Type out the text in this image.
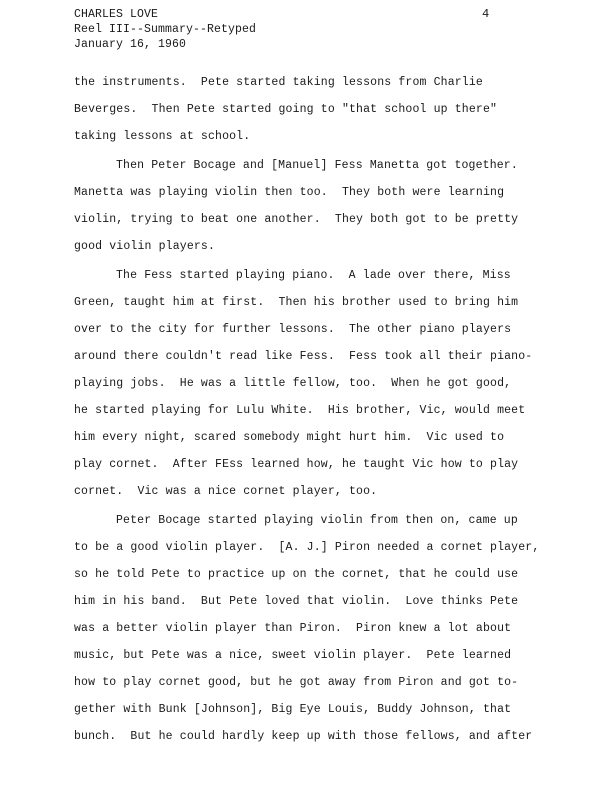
CHARLES LOVE
Reel III--Summary--Retyped
January 16, 1960
4
the instruments.  Pete started taking lessons from Charlie
Beverges.  Then Pete started going to "that school up there"
taking lessons at school.
Then Peter Bocage and [Manuel] Fess Manetta got together.
Manetta was playing violin then too.  They both were learning
violin, trying to beat one another.  They both got to be pretty
good violin players.
The Fess started playing piano.  A lade over there, Miss
Green, taught him at first.  Then his brother used to bring him
over to the city for further lessons.  The other piano players
around there couldn't read like Fess.  Fess took all their piano-
playing jobs.  He was a little fellow, too.  When he got good,
he started playing for Lulu White.  His brother, Vic, would meet
him every night, scared somebody might hurt him.  Vic used to
play cornet.  After FEss learned how, he taught Vic how to play
cornet.  Vic was a nice cornet player, too.
Peter Bocage started playing violin from then on, came up
to be a good violin player.  [A. J.] Piron needed a cornet player,
so he told Pete to practice up on the cornet, that he could use
him in his band.  But Pete loved that violin.  Love thinks Pete
was a better violin player than Piron.  Piron knew a lot about
music, but Pete was a nice, sweet violin player.  Pete learned
how to play cornet good, but he got away from Piron and got to-
gether with Bunk [Johnson], Big Eye Louis, Buddy Johnson, that
bunch.  But he could hardly keep up with those fellows, and after
